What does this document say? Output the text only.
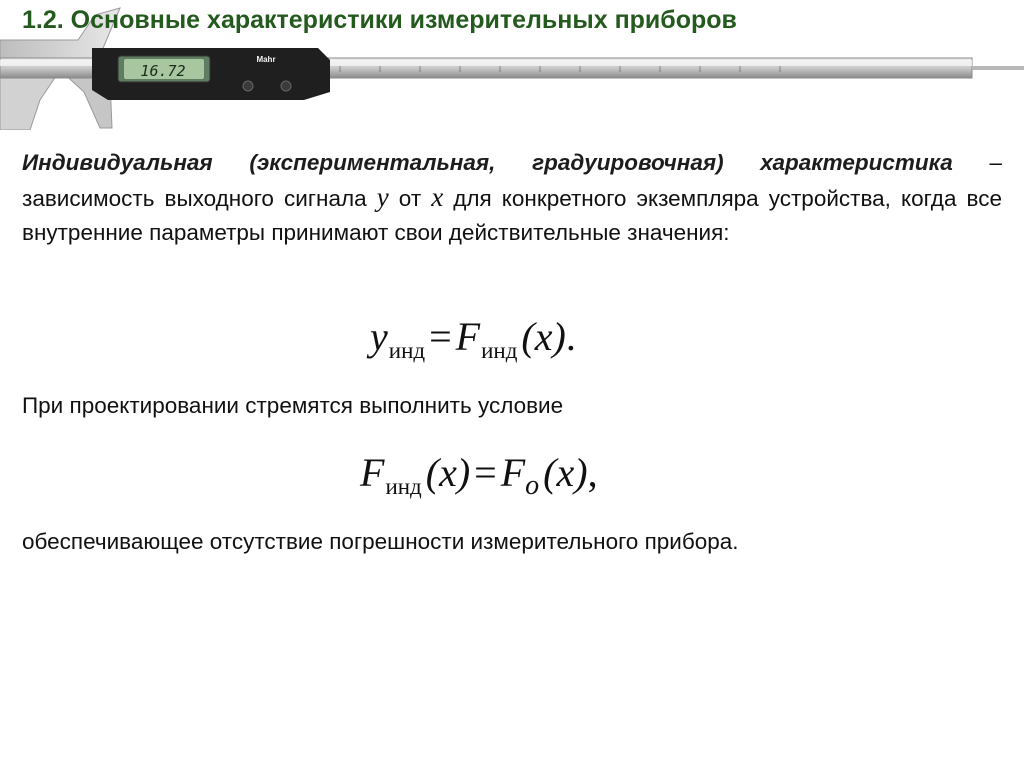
16.72
Mahr
1.2. Основные характеристики измерительных приборов

Индивидуальная (экспериментальная, градуировочная) характеристика – зависимость выходного сигнала y от x для конкретного экземпляра устройства, когда все внутренние параметры принимают свои действительные значения:

$y_{инд} = F_{инд}$ (x).

При проектировании стремятся выполнить условие

$F_{инд}$ $(x) = F_o$ (x),

обеспечивающее отсутствие погрешности измерительного прибора.
